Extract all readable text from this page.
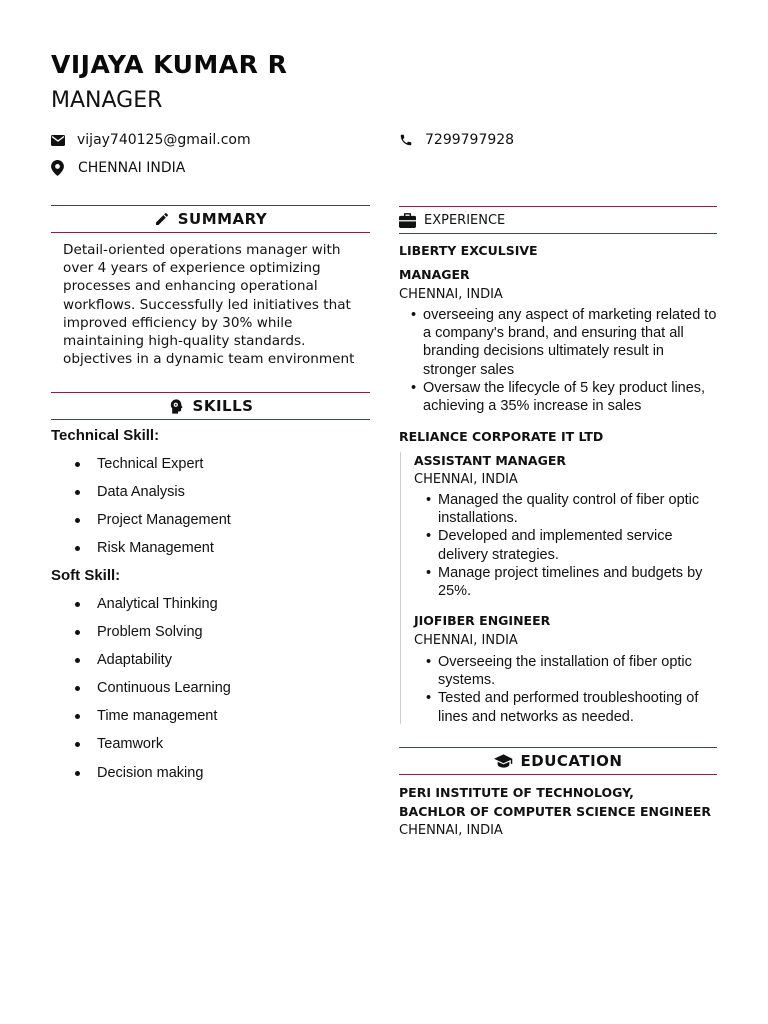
VIJAYA KUMAR R
MANAGER
vijay740125@gmail.com	7299797928
CHENNAI INDIA
SUMMARY
Detail-oriented operations manager with over 4 years of experience optimizing processes and enhancing operational workflows. Successfully led initiatives that improved efficiency by 30% while maintaining high-quality standards. objectives in a dynamic team environment
SKILLS
Technical Skill:
Technical Expert
Data Analysis
Project Management
Risk Management
Soft Skill:
Analytical Thinking
Problem Solving
Adaptability
Continuous Learning
Time management
Teamwork
Decision making
EXPERIENCE
LIBERTY EXCULSIVE
MANAGER
CHENNAI, INDIA
• overseeing any aspect of marketing related to a company's brand, and ensuring that all branding decisions ultimately result in stronger sales
• Oversaw the lifecycle of 5 key product lines, achieving a 35% increase in sales
RELIANCE CORPORATE IT LTD
ASSISTANT MANAGER
CHENNAI, INDIA
• Managed the quality control of fiber optic installations.
• Developed and implemented service delivery strategies.
• Manage project timelines and budgets by 25%.
JIOFIBER ENGINEER
CHENNAI, INDIA
• Overseeing the installation of fiber optic systems.
• Tested and performed troubleshooting of lines and networks as needed.
EDUCATION
PERI INSTITUTE OF TECHNOLOGY,
BACHLOR OF COMPUTER SCIENCE ENGINEER
CHENNAI, INDIA
